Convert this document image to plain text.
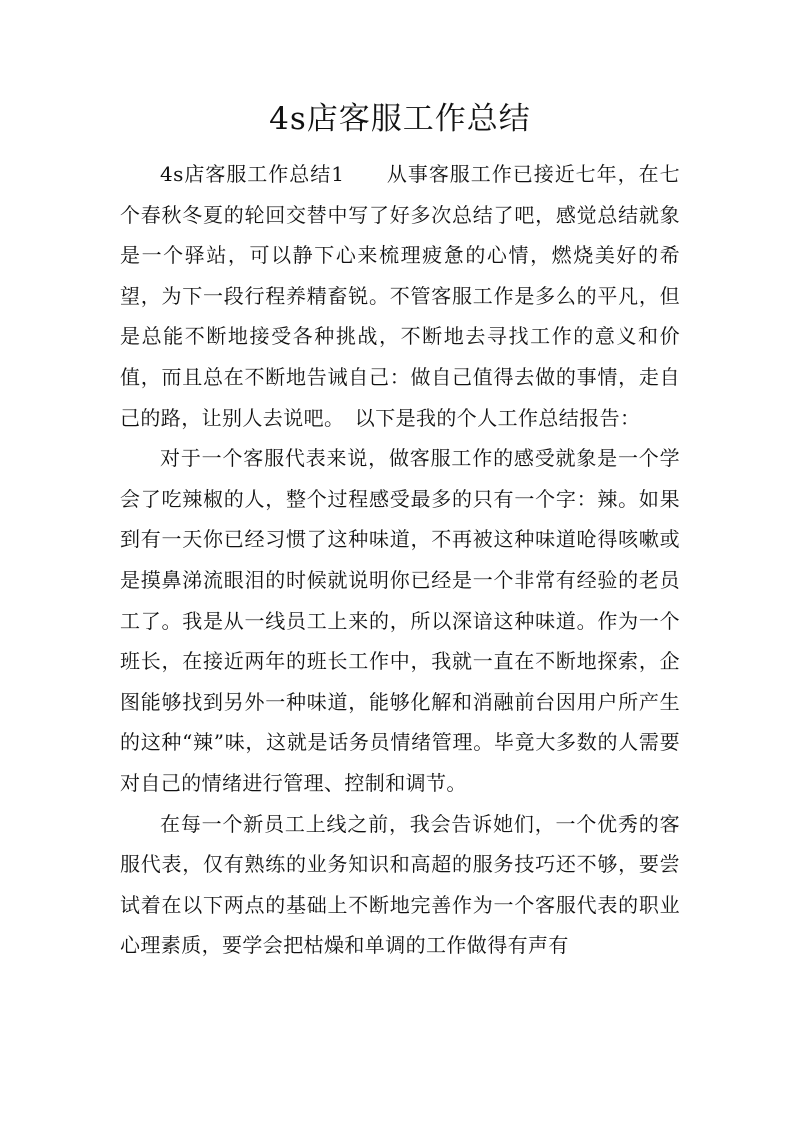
4s店客服工作总结

4s店客服工作总结1　　从事客服工作已接近七年，在七个春秋冬夏的轮回交替中写了好多次总结了吧，感觉总结就象是一个驿站，可以静下心来梳理疲惫的心情，燃烧美好的希望，为下一段行程养精畜锐。不管客服工作是多么的平凡，但是总能不断地接受各种挑战，不断地去寻找工作的意义和价值，而且总在不断地告诫自己：做自己值得去做的事情，走自己的路，让别人去说吧。　以下是我的个人工作总结报告：

对于一个客服代表来说，做客服工作的感受就象是一个学会了吃辣椒的人，整个过程感受最多的只有一个字：辣。如果到有一天你已经习惯了这种味道，不再被这种味道呛得咳嗽或是摸鼻涕流眼泪的时候就说明你已经是一个非常有经验的老员工了。我是从一线员工上来的，所以深谙这种味道。作为一个班长，在接近两年的班长工作中，我就一直在不断地探索，企图能够找到另外一种味道，能够化解和消融前台因用户所产生的这种“辣”味，这就是话务员情绪管理。毕竟大多数的人需要对自己的情绪进行管理、控制和调节。

在每一个新员工上线之前，我会告诉她们，一个优秀的客服代表，仅有熟练的业务知识和高超的服务技巧还不够，要尝试着在以下两点的基础上不断地完善作为一个客服代表的职业心理素质，要学会把枯燥和单调的工作做得有声有
